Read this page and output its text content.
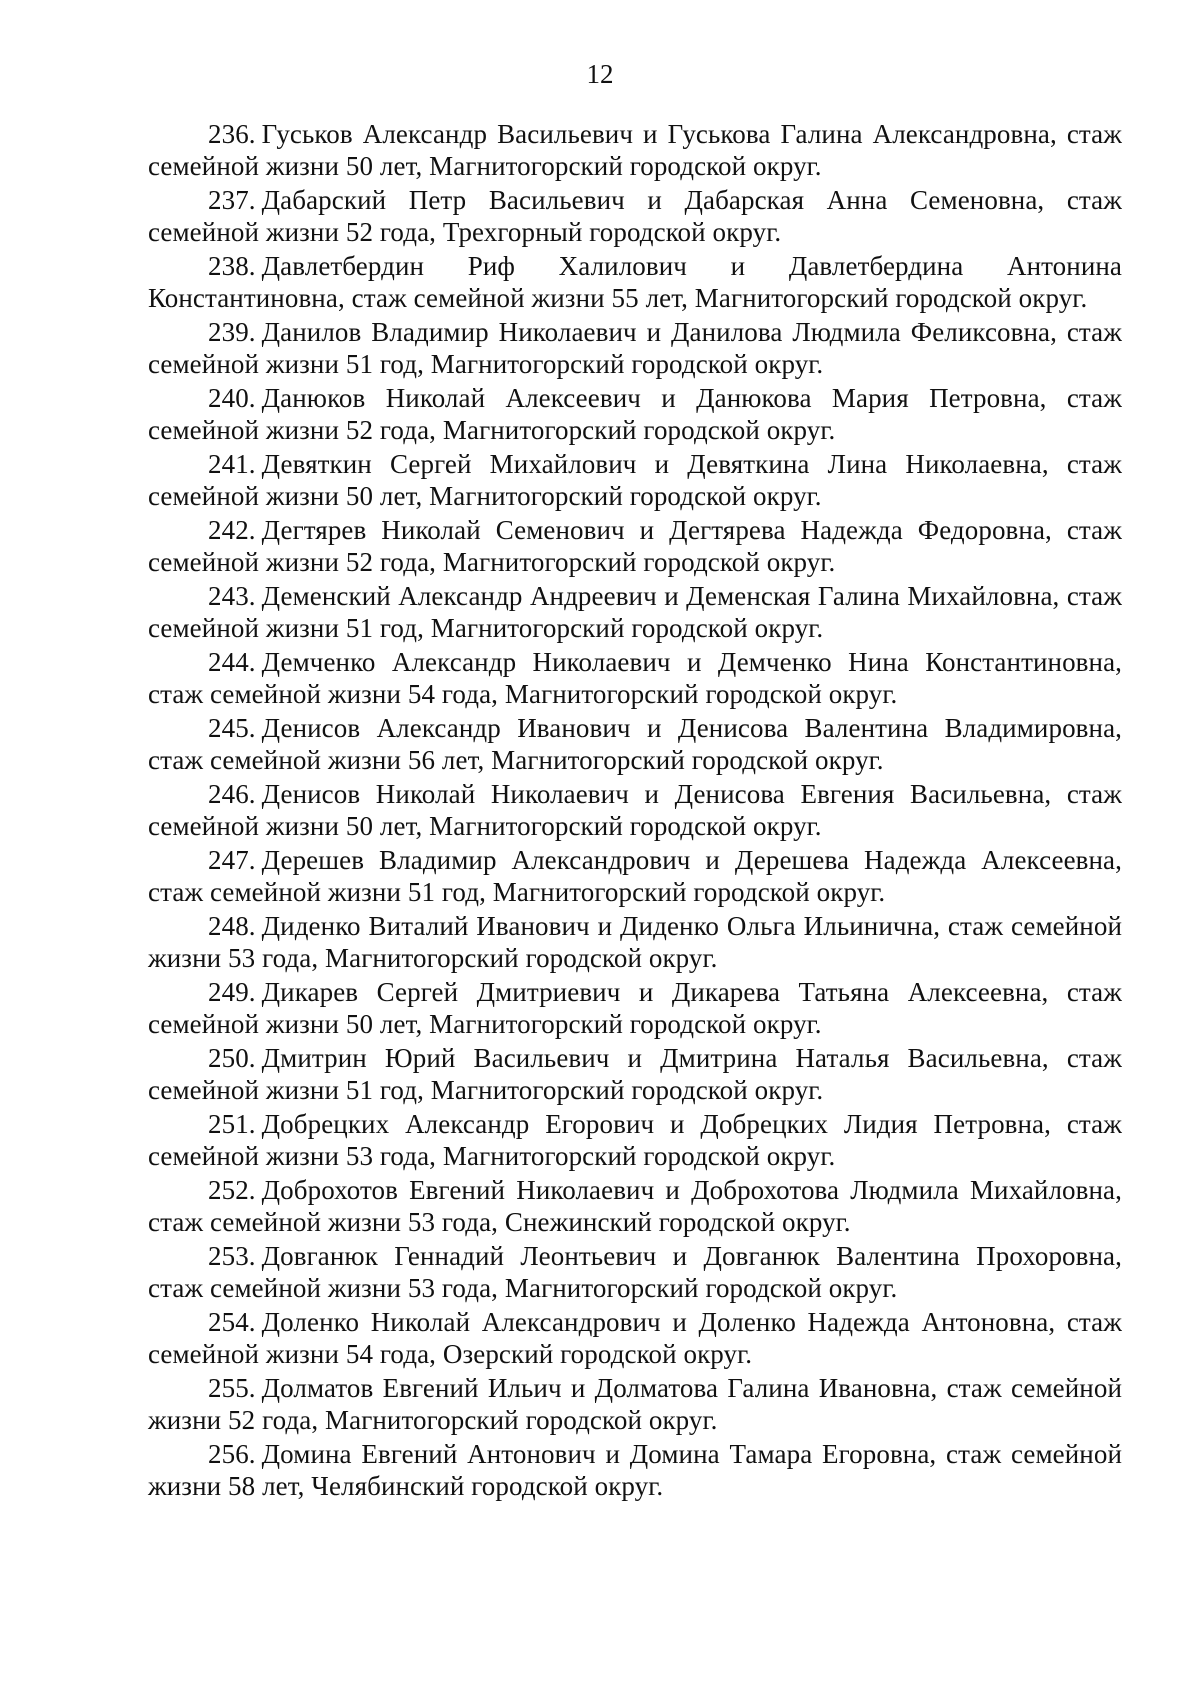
12

236. Гуськов Александр Васильевич и Гуськова Галина Александровна, стаж семейной жизни 50 лет, Магнитогорский городской округ.

237. Дабарский Петр Васильевич и Дабарская Анна Семеновна, стаж семейной жизни 52 года, Трехгорный городской округ.

238. Давлетбердин Риф Халилович и Давлетбердина Антонина Константиновна, стаж семейной жизни 55 лет, Магнитогорский городской округ.

239. Данилов Владимир Николаевич и Данилова Людмила Феликсовна, стаж семейной жизни 51 год, Магнитогорский городской округ.

240. Данюков Николай Алексеевич и Данюкова Мария Петровна, стаж семейной жизни 52 года, Магнитогорский городской округ.

241. Девяткин Сергей Михайлович и Девяткина Лина Николаевна, стаж семейной жизни 50 лет, Магнитогорский городской округ.

242. Дегтярев Николай Семенович и Дегтярева Надежда Федоровна, стаж семейной жизни 52 года, Магнитогорский городской округ.

243. Деменский Александр Андреевич и Деменская Галина Михайловна, стаж семейной жизни 51 год, Магнитогорский городской округ.

244. Демченко Александр Николаевич и Демченко Нина Константиновна, стаж семейной жизни 54 года, Магнитогорский городской округ.

245. Денисов Александр Иванович и Денисова Валентина Владимировна, стаж семейной жизни 56 лет, Магнитогорский городской округ.

246. Денисов Николай Николаевич и Денисова Евгения Васильевна, стаж семейной жизни 50 лет, Магнитогорский городской округ.

247. Дерешев Владимир Александрович и Дерешева Надежда Алексеевна, стаж семейной жизни 51 год, Магнитогорский городской округ.

248. Диденко Виталий Иванович и Диденко Ольга Ильинична, стаж семейной жизни 53 года, Магнитогорский городской округ.

249. Дикарев Сергей Дмитриевич и Дикарева Татьяна Алексеевна, стаж семейной жизни 50 лет, Магнитогорский городской округ.

250. Дмитрин Юрий Васильевич и Дмитрина Наталья Васильевна, стаж семейной жизни 51 год, Магнитогорский городской округ.

251. Добрецких Александр Егорович и Добрецких Лидия Петровна, стаж семейной жизни 53 года, Магнитогорский городской округ.

252. Доброхотов Евгений Николаевич и Доброхотова Людмила Михайловна, стаж семейной жизни 53 года, Снежинский городской округ.

253. Довганюк Геннадий Леонтьевич и Довганюк Валентина Прохоровна, стаж семейной жизни 53 года, Магнитогорский городской округ.

254. Доленко Николай Александрович и Доленко Надежда Антоновна, стаж семейной жизни 54 года, Озерский городской округ.

255. Долматов Евгений Ильич и Долматова Галина Ивановна, стаж семейной жизни 52 года, Магнитогорский городской округ.

256. Домина Евгений Антонович и Домина Тамара Егоровна, стаж семейной жизни 58 лет, Челябинский городской округ.
